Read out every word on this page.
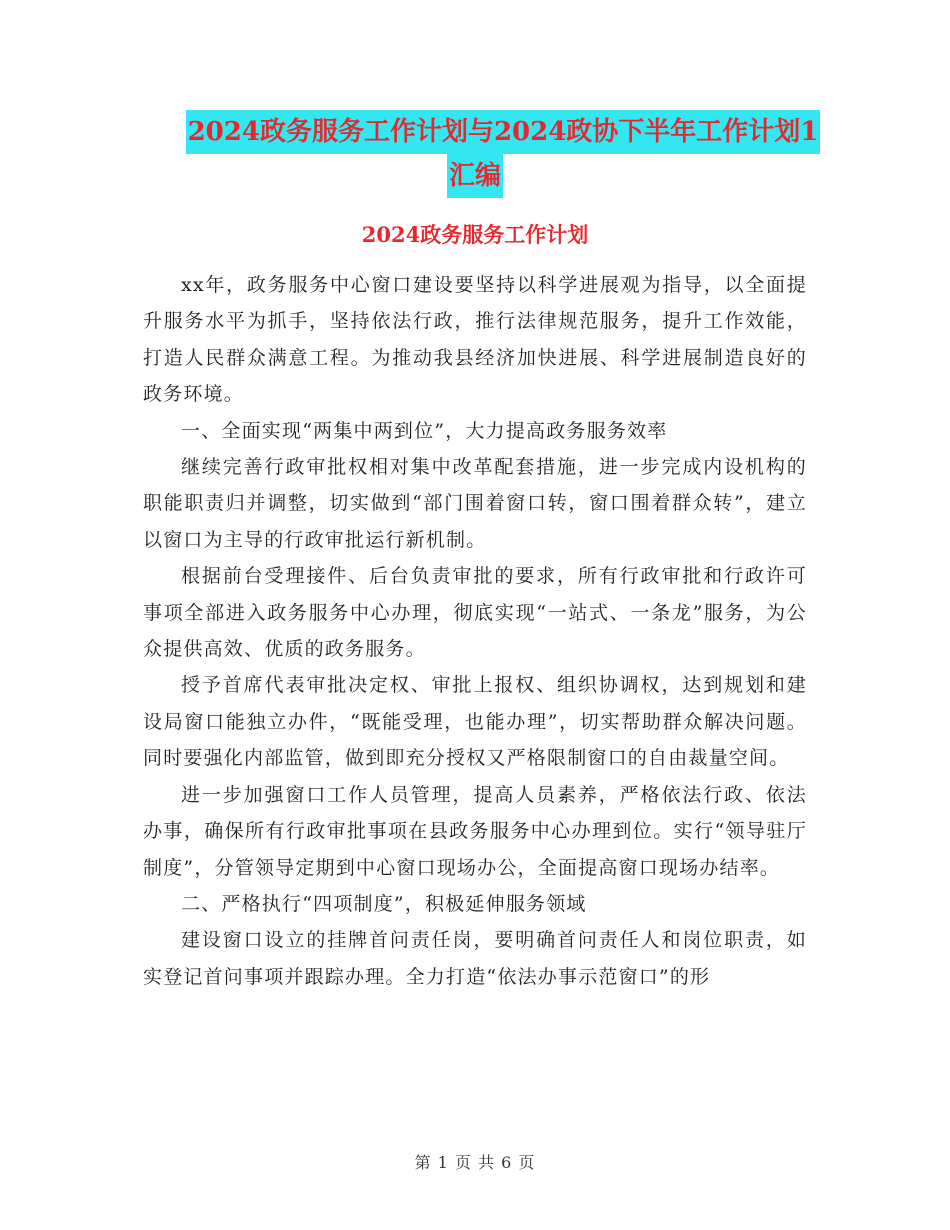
2024政务服务工作计划与2024政协下半年工作计划1
汇编
2024政务服务工作计划

xx年，政务服务中心窗口建设要坚持以科学进展观为指导，以全面提升服务水平为抓手，坚持依法行政，推行法律规范服务，提升工作效能，打造人民群众满意工程。为推动我县经济加快进展、科学进展制造良好的政务环境。

一、全面实现“两集中两到位”，大力提高政务服务效率

继续完善行政审批权相对集中改革配套措施，进一步完成内设机构的职能职责归并调整，切实做到“部门围着窗口转，窗口围着群众转”，建立以窗口为主导的行政审批运行新机制。

根据前台受理接件、后台负责审批的要求，所有行政审批和行政许可事项全部进入政务服务中心办理，彻底实现“一站式、一条龙”服务，为公众提供高效、优质的政务服务。

授予首席代表审批决定权、审批上报权、组织协调权，达到规划和建设局窗口能独立办件，“既能受理，也能办理”，切实帮助群众解决问题。同时要强化内部监管，做到即充分授权又严格限制窗口的自由裁量空间。

进一步加强窗口工作人员管理，提高人员素养，严格依法行政、依法办事，确保所有行政审批事项在县政务服务中心办理到位。实行“领导驻厅制度”，分管领导定期到中心窗口现场办公，全面提高窗口现场办结率。

二、严格执行“四项制度”，积极延伸服务领域

建设窗口设立的挂牌首问责任岗，要明确首问责任人和岗位职责，如实登记首问事项并跟踪办理。全力打造“依法办事示范窗口”的形

第 1 页 共 6 页
